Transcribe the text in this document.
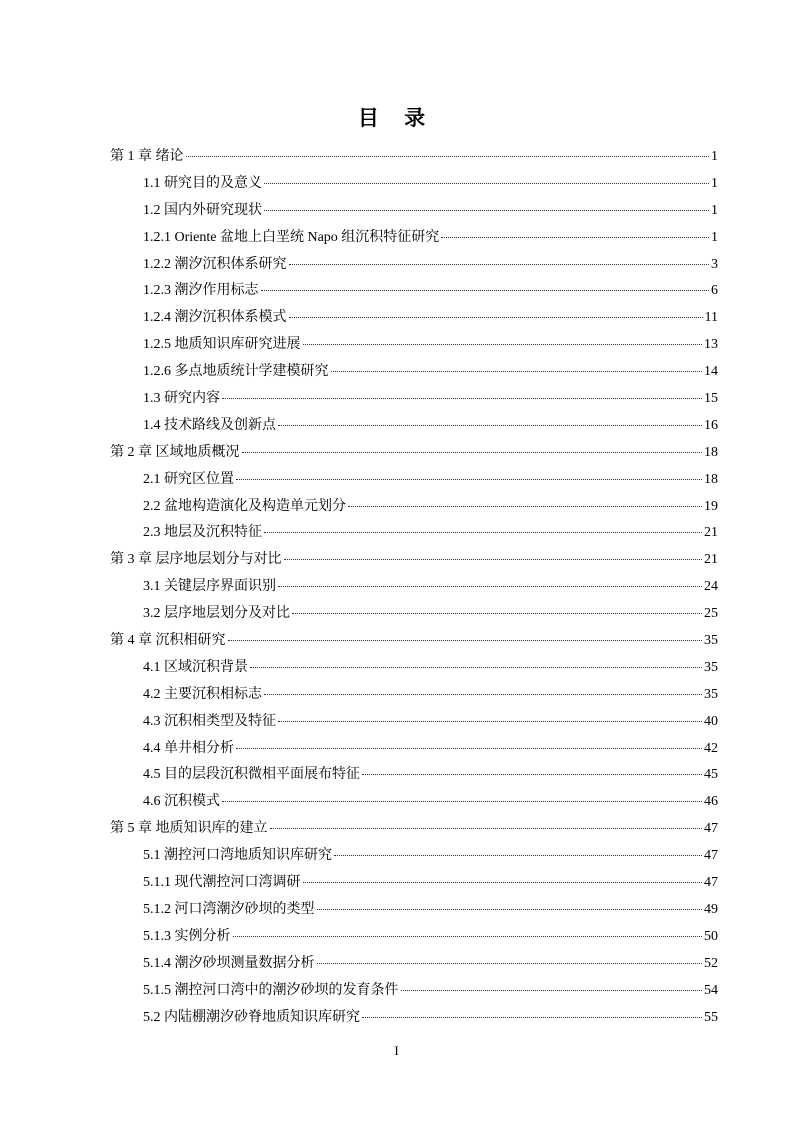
目 录
第 1 章 绪论	1
1.1 研究目的及意义	1
1.2 国内外研究现状	1
1.2.1 Oriente 盆地上白垩统 Napo 组沉积特征研究	1
1.2.2 潮汐沉积体系研究	3
1.2.3 潮汐作用标志	6
1.2.4 潮汐沉积体系模式	11
1.2.5 地质知识库研究进展	13
1.2.6 多点地质统计学建模研究	14
1.3 研究内容	15
1.4 技术路线及创新点	16
第 2 章 区域地质概况	18
2.1 研究区位置	18
2.2 盆地构造演化及构造单元划分	19
2.3 地层及沉积特征	21
第 3 章 层序地层划分与对比	21
3.1 关键层序界面识别	24
3.2 层序地层划分及对比	25
第 4 章 沉积相研究	35
4.1 区域沉积背景	35
4.2 主要沉积相标志	35
4.3 沉积相类型及特征	40
4.4 单井相分析	42
4.5 目的层段沉积微相平面展布特征	45
4.6 沉积模式	46
第 5 章 地质知识库的建立	47
5.1 潮控河口湾地质知识库研究	47
5.1.1 现代潮控河口湾调研	47
5.1.2 河口湾潮汐砂坝的类型	49
5.1.3 实例分析	50
5.1.4 潮汐砂坝测量数据分析	52
5.1.5 潮控河口湾中的潮汐砂坝的发育条件	54
5.2 内陆棚潮汐砂脊地质知识库研究	55
I
